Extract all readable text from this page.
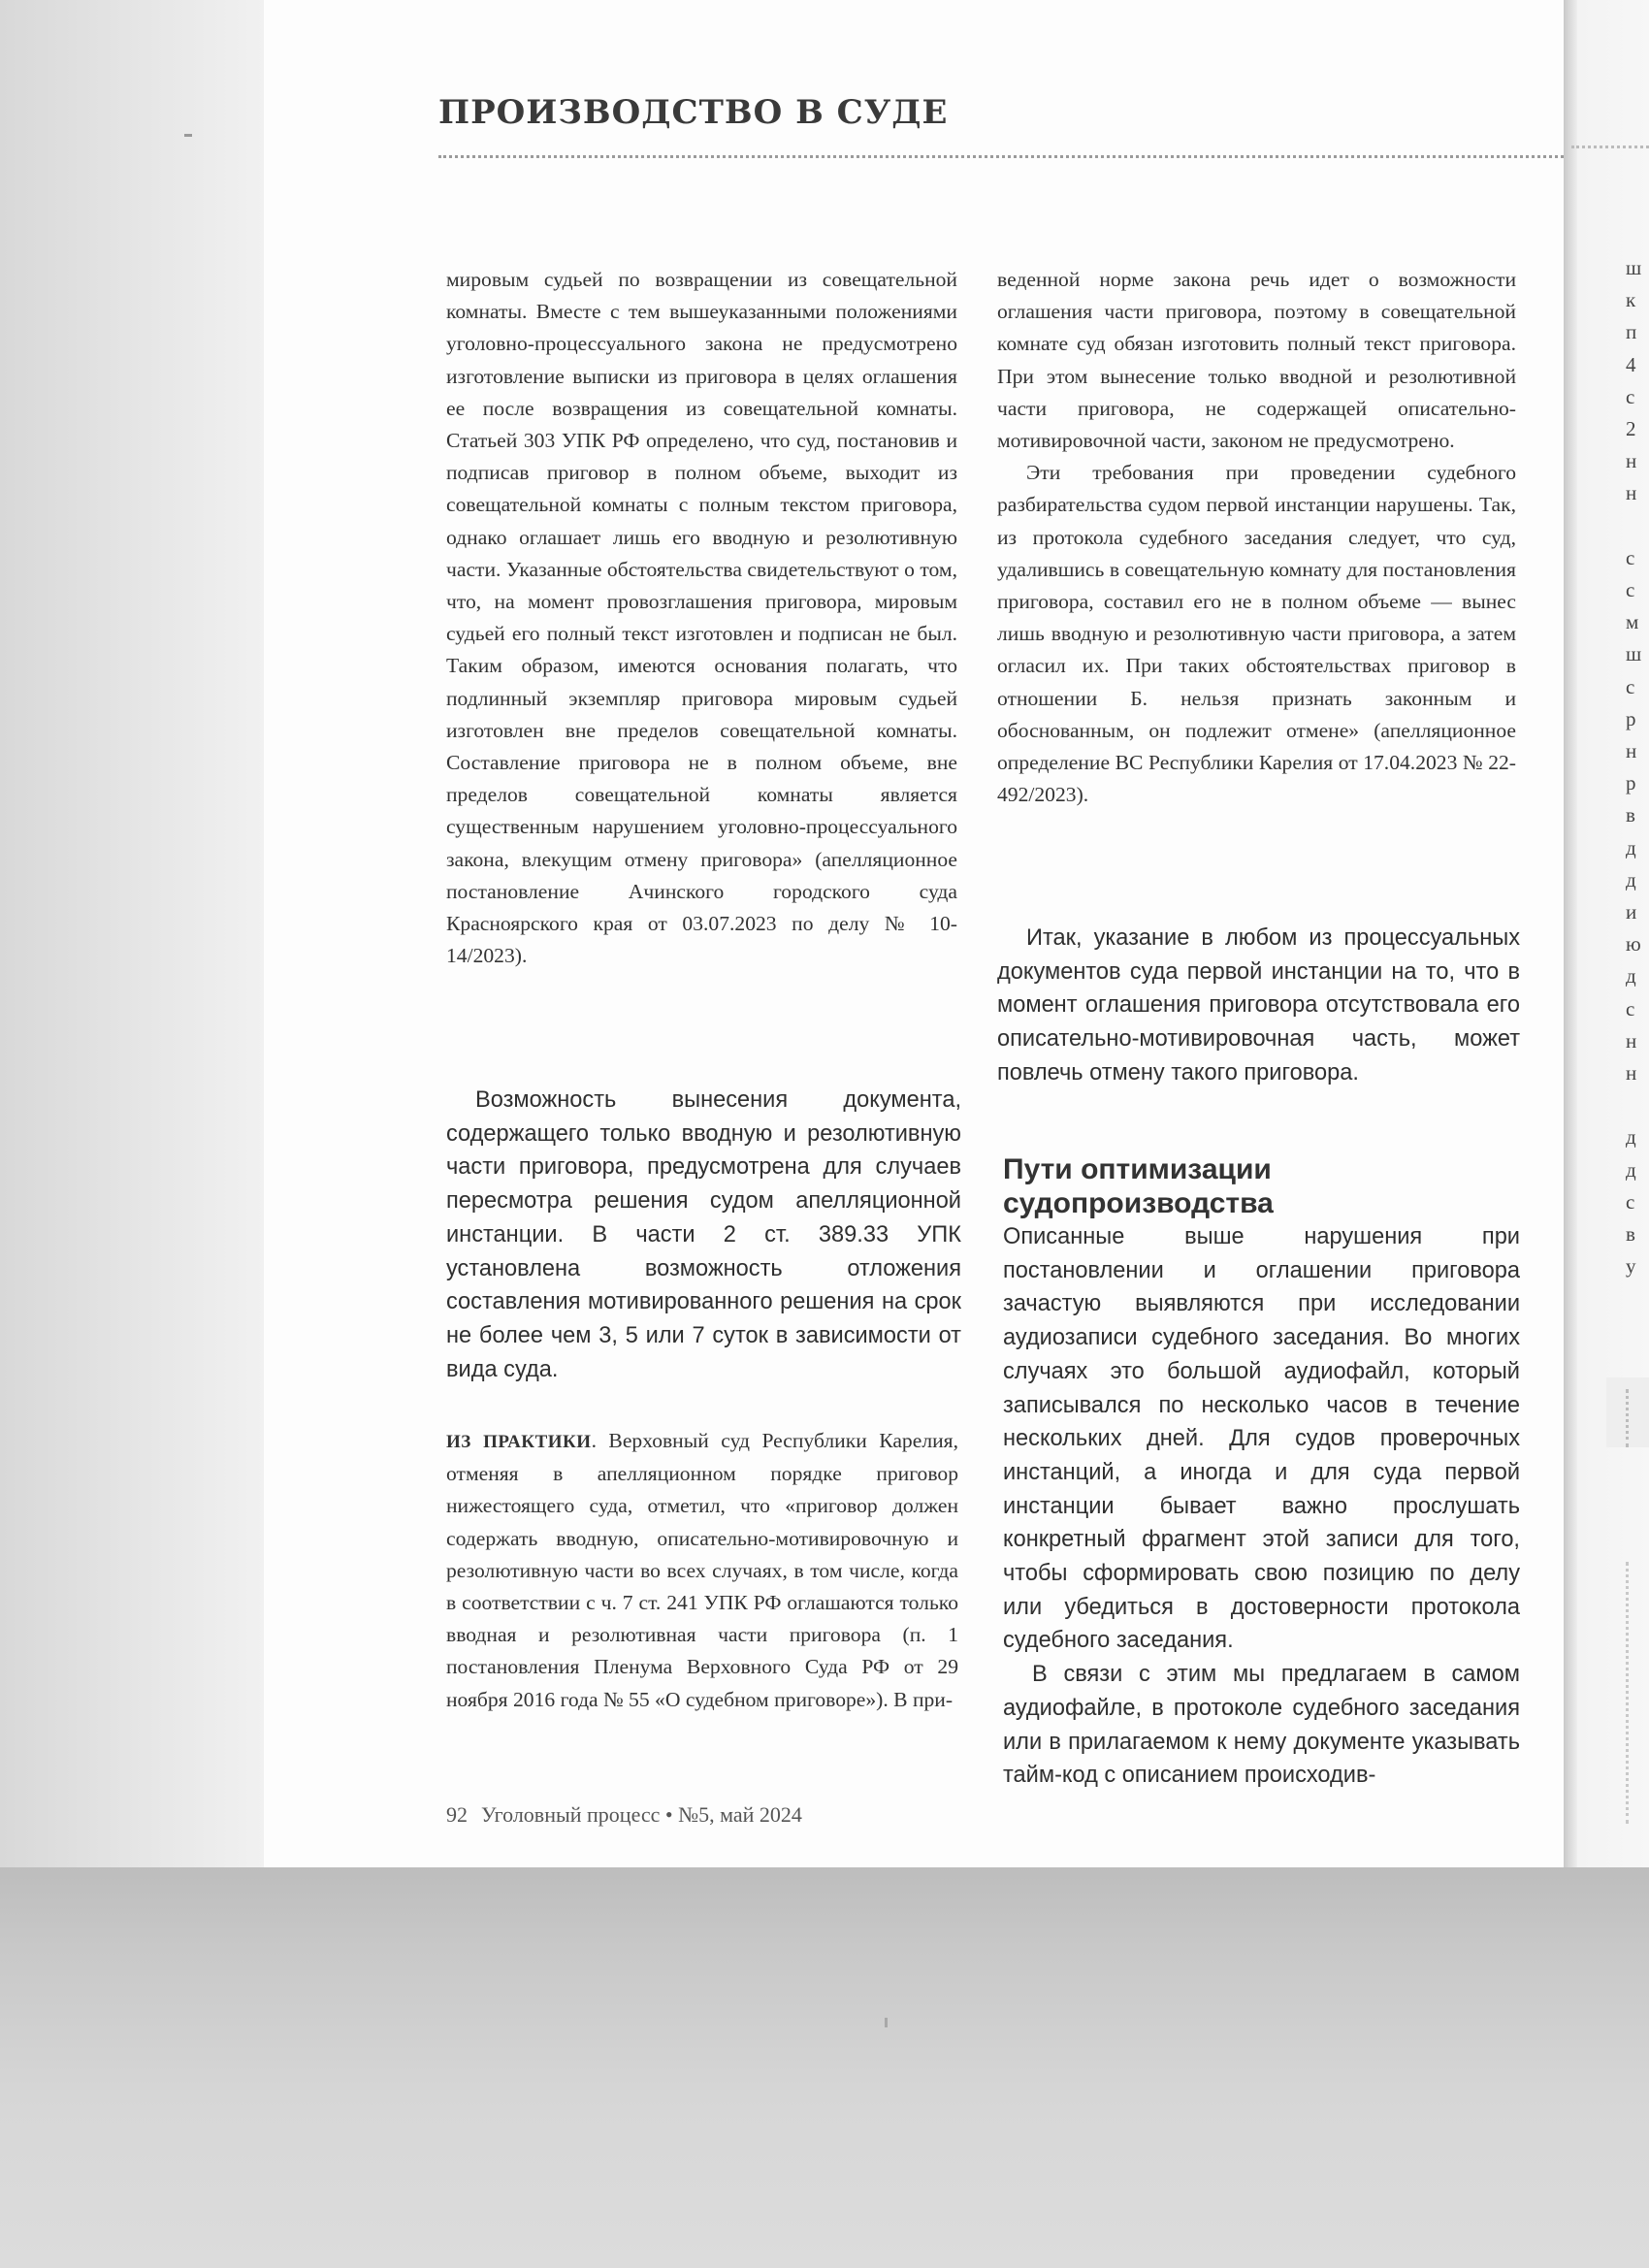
ПРОИЗВОДСТВО В СУДЕ

мировым судьей по возвращении из совещательной комнаты. Вместе с тем вышеуказанными положениями уголовно-процессуального закона не предусмотрено изготовление выписки из приговора в целях оглашения ее после возвращения из совещательной комнаты. Статьей 303 УПК РФ определено, что суд, постановив и подписав приговор в полном объеме, выходит из совещательной комнаты с полным текстом приговора, однако оглашает лишь его вводную и резолютивную части. Указанные обстоятельства свидетельствуют о том, что, на момент провозглашения приговора, мировым судьей его полный текст изготовлен и подписан не был. Таким образом, имеются основания полагать, что подлинный экземпляр приговора мировым судьей изготовлен вне пределов совещательной комнаты. Составление приговора не в полном объеме, вне пределов совещательной комнаты является существенным нарушением уголовно-процессуального закона, влекущим отмену приговора» (апелляционное постановление Ачинского городского суда Красноярского края от 03.07.2023 по делу № 10-14/2023).

Возможность вынесения документа, содержащего только вводную и резолютивную части приговора, предусмотрена для случаев пересмотра решения судом апелляционной инстанции. В части 2 ст. 389.33 УПК установлена возможность отложения составления мотивированного решения на срок не более чем 3, 5 или 7 суток в зависимости от вида суда.

ИЗ ПРАКТИКИ. Верховный суд Республики Карелия, отменяя в апелляционном порядке приговор нижестоящего суда, отметил, что «приговор должен содержать вводную, описательно-мотивировочную и резолютивную части во всех случаях, в том числе, когда в соответствии с ч. 7 ст. 241 УПК РФ оглашаются только вводная и резолютивная части приговора (п. 1 постановления Пленума Верховного Суда РФ от 29 ноября 2016 года № 55 «О судебном приговоре»). В при-

веденной норме закона речь идет о возможности оглашения части приговора, поэтому в совещательной комнате суд обязан изготовить полный текст приговора. При этом вынесение только вводной и резолютивной части приговора, не содержащей описательно-мотивировочной части, законом не предусмотрено.

Эти требования при проведении судебного разбирательства судом первой инстанции нарушены. Так, из протокола судебного заседания следует, что суд, удалившись в совещательную комнату для постановления приговора, составил его не в полном объеме — вынес лишь вводную и резолютивную части приговора, а затем огласил их. При таких обстоятельствах приговор в отношении Б. нельзя признать законным и обоснованным, он подлежит отмене» (апелляционное определение ВС Республики Карелия от 17.04.2023 № 22-492/2023).

Итак, указание в любом из процессуальных документов суда первой инстанции на то, что в момент оглашения приговора отсутствовала его описательно-мотивировочная часть, может повлечь отмену такого приговора.

Пути оптимизации судопроизводства

Описанные выше нарушения при постановлении и оглашении приговора зачастую выявляются при исследовании аудиозаписи судебного заседания. Во многих случаях это большой аудиофайл, который записывался по несколько часов в течение нескольких дней. Для судов проверочных инстанций, а иногда и для суда первой инстанции бывает важно прослушать конкретный фрагмент этой записи для того, чтобы сформировать свою позицию по делу или убедиться в достоверности протокола судебного заседания.

В связи с этим мы предлагаем в самом аудиофайле, в протоколе судебного заседания или в прилагаемом к нему документе указывать тайм-код с описанием происходив-

92 Уголовный процесс • №5, май 2024
ш
к
п
4
с
2
н
н

с
с
м
ш
с
р
н
р
в
д
д
и
ю
д
с
н
н

д
д
с
в
у
